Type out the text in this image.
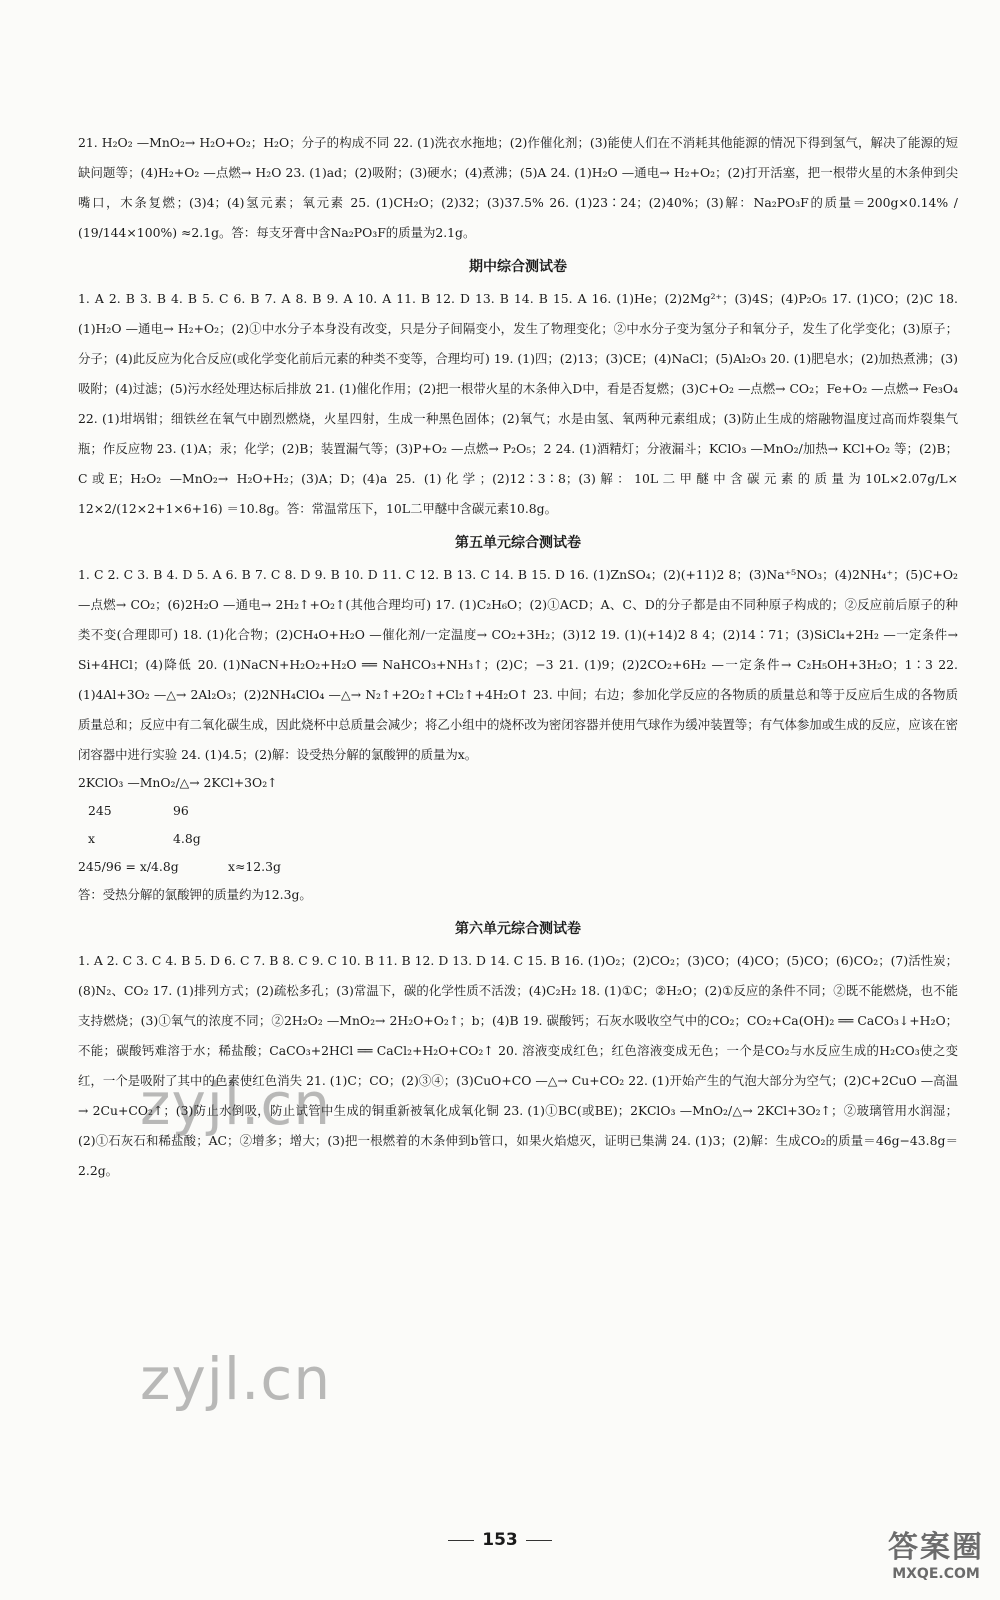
21. H₂O₂ —MnO₂→ H₂O+O₂；H₂O；分子的构成不同 22. (1)洗衣水拖地；(2)作催化剂；(3)能使人们在不消耗其他能源的情况下得到氢气，解决了能源的短缺问题等；(4)H₂+O₂ —点燃→ H₂O 23. (1)ad；(2)吸附；(3)硬水；(4)煮沸；(5)A 24. (1)H₂O —通电→ H₂+O₂；(2)打开活塞，把一根带火星的木条伸到尖嘴口，木条复燃；(3)4；(4)氢元素；氧元素 25. (1)CH₂O；(2)32；(3)37.5% 26. (1)23∶24；(2)40%；(3)解：Na₂PO₃F的质量＝200g×0.14% / (19/144×100%) ≈2.1g。答：每支牙膏中含Na₂PO₃F的质量为2.1g。

期中综合测试卷

1. A 2. B 3. B 4. B 5. C 6. B 7. A 8. B 9. A 10. A 11. B 12. D 13. B 14. B 15. A 16. (1)He；(2)2Mg²⁺；(3)4S；(4)P₂O₅ 17. (1)CO；(2)C 18. (1)H₂O —通电→ H₂+O₂；(2)①中水分子本身没有改变，只是分子间隔变小，发生了物理变化；②中水分子变为氢分子和氧分子，发生了化学变化；(3)原子；分子；(4)此反应为化合反应(或化学变化前后元素的种类不变等，合理均可) 19. (1)四；(2)13；(3)CE；(4)NaCl；(5)Al₂O₃ 20. (1)肥皂水；(2)加热煮沸；(3)吸附；(4)过滤；(5)污水经处理达标后排放 21. (1)催化作用；(2)把一根带火星的木条伸入D中，看是否复燃；(3)C+O₂ —点燃→ CO₂；Fe+O₂ —点燃→ Fe₃O₄ 22. (1)坩埚钳；细铁丝在氧气中剧烈燃烧，火星四射，生成一种黑色固体；(2)氧气；水是由氢、氧两种元素组成；(3)防止生成的熔融物温度过高而炸裂集气瓶；作反应物 23. (1)A；汞；化学；(2)B；装置漏气等；(3)P+O₂ —点燃→ P₂O₅；2 24. (1)酒精灯；分液漏斗；KClO₃ —MnO₂/加热→ KCl+O₂ 等；(2)B；C或E；H₂O₂ —MnO₂→ H₂O+H₂；(3)A；D；(4)a 25. (1)化学；(2)12∶3∶8；(3)解：10L二甲醚中含碳元素的质量为10L×2.07g/L× 12×2/(12×2+1×6+16) ＝10.8g。答：常温常压下，10L二甲醚中含碳元素10.8g。

第五单元综合测试卷

1. C 2. C 3. B 4. D 5. A 6. B 7. C 8. D 9. B 10. D 11. C 12. B 13. C 14. B 15. D 16. (1)ZnSO₄；(2)(+11)2 8；(3)Na⁺⁵NO₃；(4)2NH₄⁺；(5)C+O₂ —点燃→ CO₂；(6)2H₂O —通电→ 2H₂↑+O₂↑(其他合理均可) 17. (1)C₂H₆O；(2)①ACD；A、C、D的分子都是由不同种原子构成的；②反应前后原子的种类不变(合理即可) 18. (1)化合物；(2)CH₄O+H₂O —催化剂/一定温度→ CO₂+3H₂；(3)12 19. (1)(+14)2 8 4；(2)14∶71；(3)SiCl₄+2H₂ —一定条件→ Si+4HCl；(4)降低 20. (1)NaCN+H₂O₂+H₂O ══ NaHCO₃+NH₃↑；(2)C；−3 21. (1)9；(2)2CO₂+6H₂ —一定条件→ C₂H₅OH+3H₂O；1∶3 22. (1)4Al+3O₂ —△→ 2Al₂O₃；(2)2NH₄ClO₄ —△→ N₂↑+2O₂↑+Cl₂↑+4H₂O↑ 23. 中间；右边；参加化学反应的各物质的质量总和等于反应后生成的各物质质量总和；反应中有二氧化碳生成，因此烧杯中总质量会减少；将乙小组中的烧杯改为密闭容器并使用气球作为缓冲装置等；有气体参加或生成的反应，应该在密闭容器中进行实验 24. (1)4.5；(2)解：设受热分解的氯酸钾的质量为x。

2KClO₃ —MnO₂/△→ 2KCl+3O₂↑
245	96
x	4.8g
245/96 = x/4.8g	x≈12.3g
答：受热分解的氯酸钾的质量约为12.3g。
第六单元综合测试卷

1. A 2. C 3. C 4. B 5. D 6. C 7. B 8. C 9. C 10. B 11. B 12. D 13. D 14. C 15. B 16. (1)O₂；(2)CO₂；(3)CO；(4)CO；(5)CO；(6)CO₂；(7)活性炭；(8)N₂、CO₂ 17. (1)排列方式；(2)疏松多孔；(3)常温下，碳的化学性质不活泼；(4)C₂H₂ 18. (1)①C；②H₂O；(2)①反应的条件不同；②既不能燃烧，也不能支持燃烧；(3)①氧气的浓度不同；②2H₂O₂ —MnO₂→ 2H₂O+O₂↑；b；(4)B 19. 碳酸钙；石灰水吸收空气中的CO₂；CO₂+Ca(OH)₂ ══ CaCO₃↓+H₂O；不能；碳酸钙难溶于水；稀盐酸；CaCO₃+2HCl ══ CaCl₂+H₂O+CO₂↑ 20. 溶液变成红色；红色溶液变成无色；一个是CO₂与水反应生成的H₂CO₃使之变红，一个是吸附了其中的色素使红色消失 21. (1)C；CO；(2)③④；(3)CuO+CO —△→ Cu+CO₂ 22. (1)开始产生的气泡大部分为空气；(2)C+2CuO —高温→ 2Cu+CO₂↑；(3)防止水倒吸，防止试管中生成的铜重新被氧化成氧化铜 23. (1)①BC(或BE)；2KClO₃ —MnO₂/△→ 2KCl+3O₂↑；②玻璃管用水润湿；(2)①石灰石和稀盐酸；AC；②增多；增大；(3)把一根燃着的木条伸到b管口，如果火焰熄灭，证明已集满 24. (1)3；(2)解：生成CO₂的质量＝46g−43.8g＝2.2g。

zyjl.cn
zyjl.cn
153	答案圈
MXQE.COM
